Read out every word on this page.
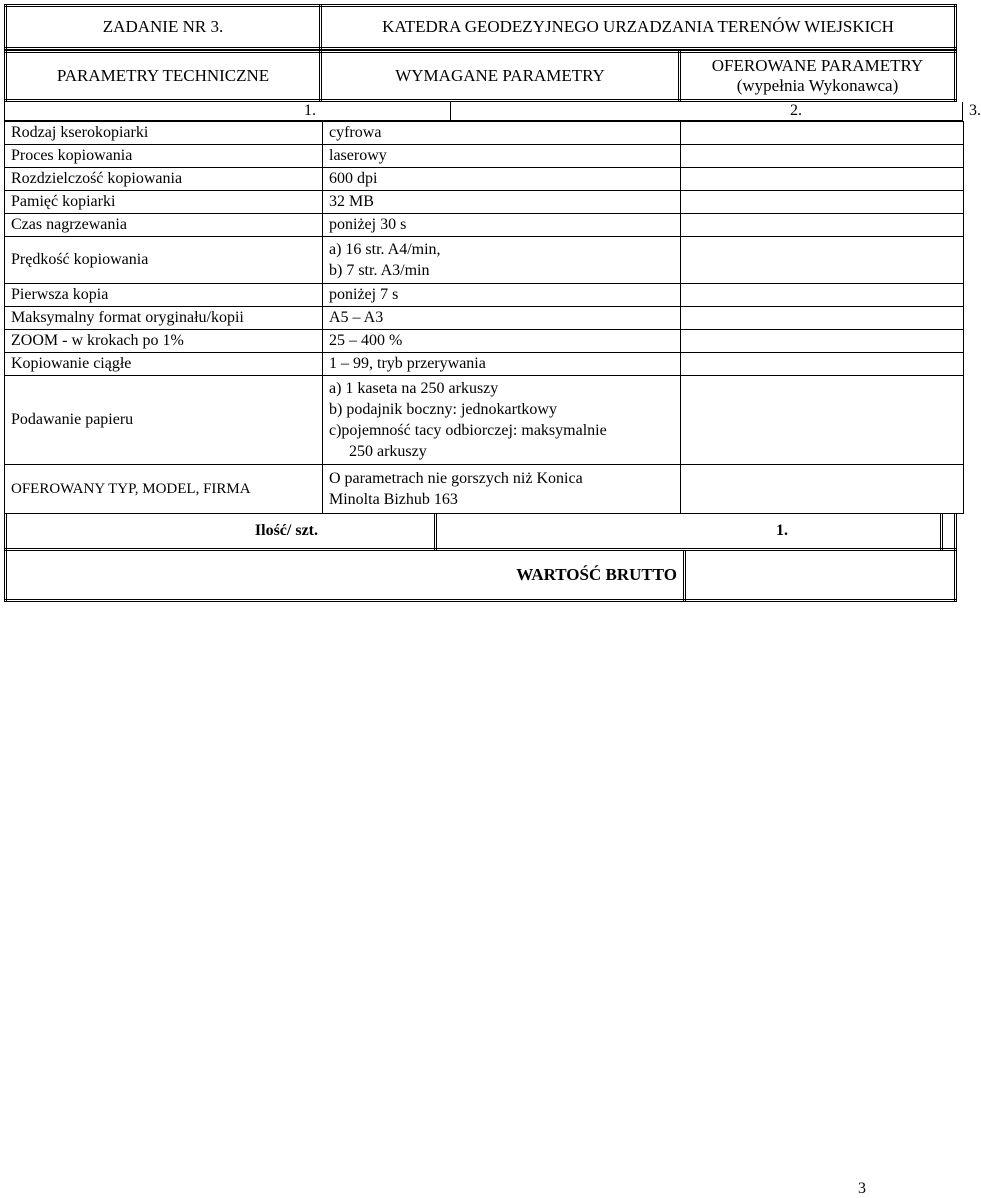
ZADANIE NR 3.	KATEDRA GEODEZYJNEGO URZADZANIA TERENÓW WIEJSKICH
PARAMETRY TECHNICZNE	WYMAGANE PARAMETRY	
OFEROWANE PARAMETRY
(wypełnia Wykonawca)
1.	2.	3.
Rodzaj kserokopiarki	cyfrowa	
Proces kopiowania	laserowy	
Rozdzielczość kopiowania	600 dpi	
Pamięć kopiarki	32 MB	
Czas nagrzewania	poniżej 30 s	
Prędkość kopiowania	a) 16 str. A4/min,
b) 7 str. A3/min	
Pierwsza kopia	poniżej 7 s	
Maksymalny format oryginału/kopii	A5 – A3	
ZOOM - w krokach po 1%	25 – 400 %	
Kopiowanie ciągłe	1 – 99, tryb przerywania	
Podawanie papieru	a) 1 kaseta na 250 arkuszy
b) podajnik boczny: jednokartkowy
c)pojemność tacy odbiorczej: maksymalnie

250 arkuszy	

OFEROWANY TYP, MODEL, FIRMA	O parametrach nie gorszych niż Konica
Minolta Bizhub 163	
Ilość/ szt.	1.	
WARTOŚĆ BRUTTO	
3
